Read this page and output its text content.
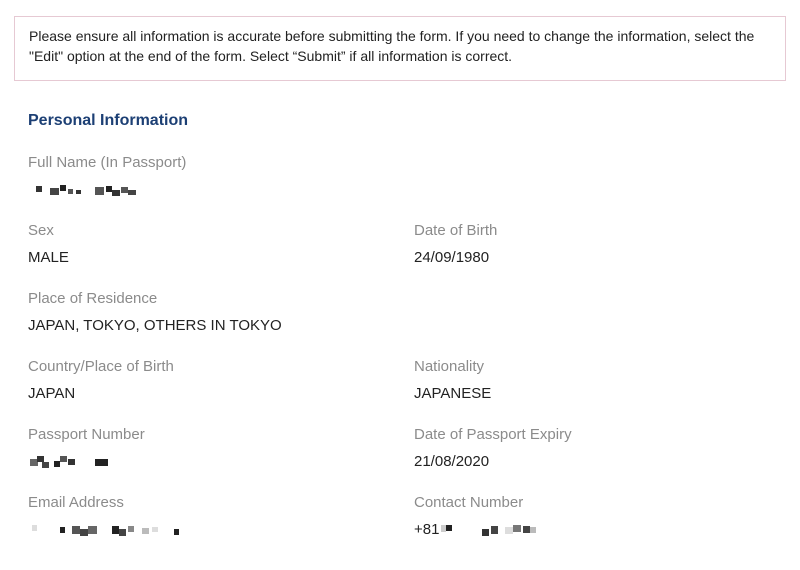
Please ensure all information is accurate before submitting the form. If you need to change the information, select the
"Edit" option at the end of the form. Select “Submit” if all information is correct.
Personal Information
Full Name (In Passport)
Sex
MALE
Date of Birth
24/09/1980
Place of Residence
JAPAN, TOKYO, OTHERS IN TOKYO
Country/Place of Birth
JAPAN
Nationality
JAPANESE
Passport Number	Date of Passport Expiry
21/08/2020
Email Address	Contact Number
+81
